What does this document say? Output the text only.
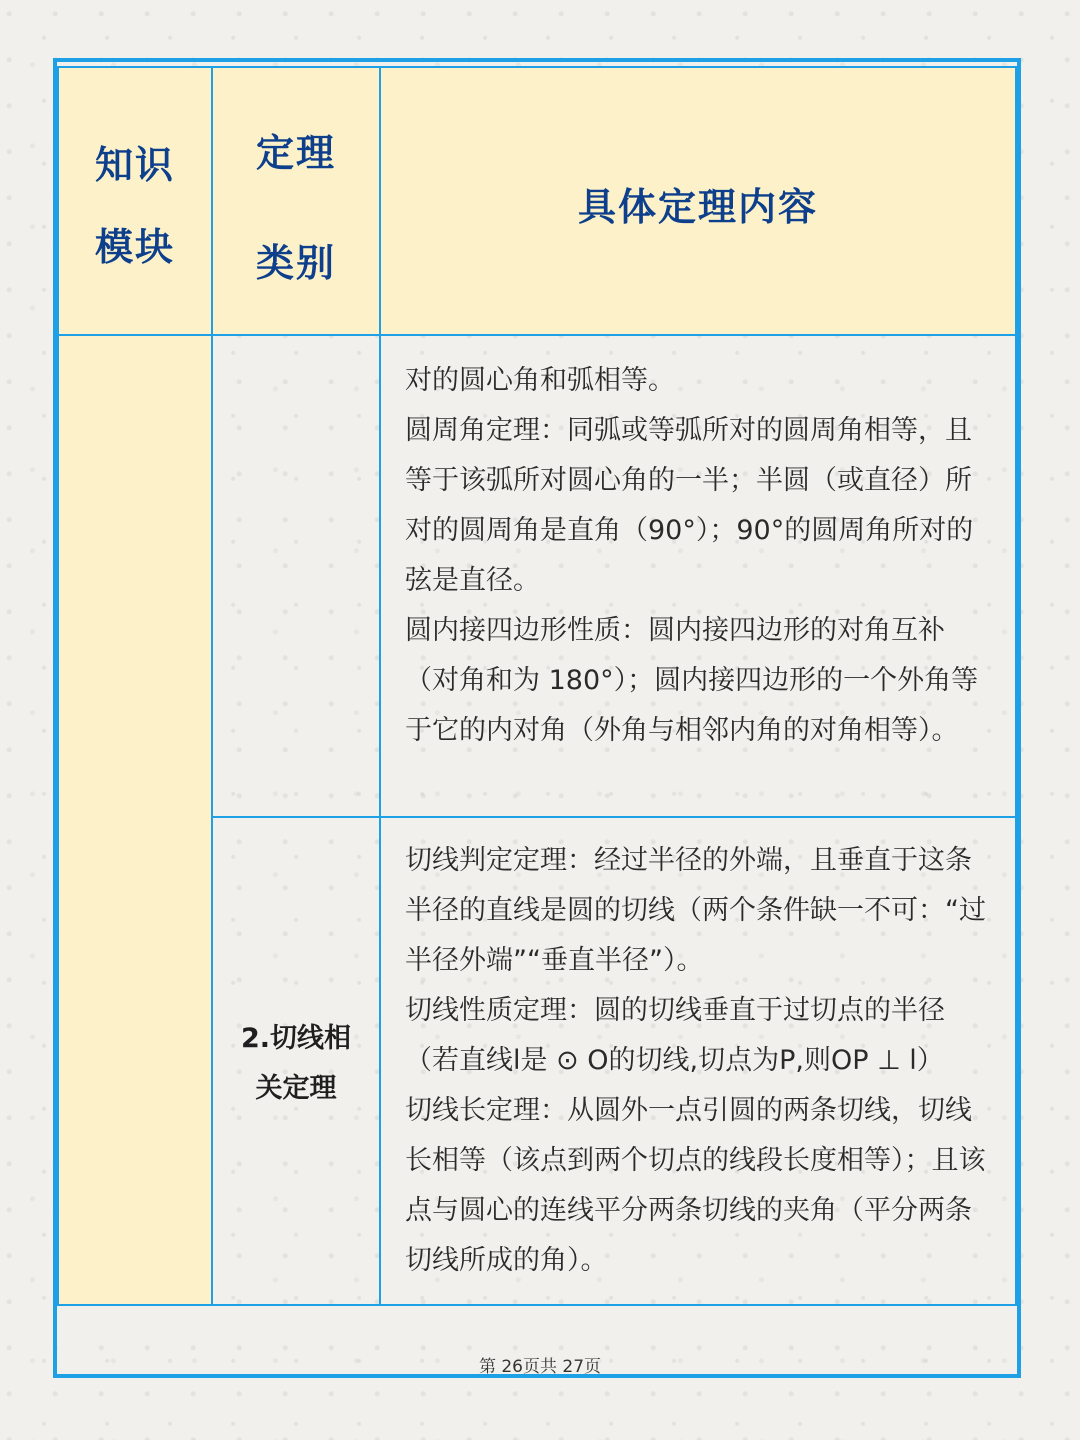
知识
模块
定理
类别
具体定理内容

对的圆心角和弧相等。

圆周角定理：同弧或等弧所对的圆周角相等，且等于该弧所对圆心角的一半；半圆（或直径）所对的圆周角是直角（90°）；90°的圆周角所对的弦是直径。

圆内接四边形性质：圆内接四边形的对角互补（对角和为 180°）；圆内接四边形的一个外角等于它的内对角（外角与相邻内角的对角相等）。

2.切线相
关定理

切线判定定理：经过半径的外端，且垂直于这条半径的直线是圆的切线（两个条件缺一不可：“过半径外端”“垂直半径”）。

切线性质定理：圆的切线垂直于过切点的半径（若直线l是 ⊙ O的切线,切点为P,则OP ⊥ l）

切线长定理：从圆外一点引圆的两条切线，切线长相等（该点到两个切点的线段长度相等）；且该点与圆心的连线平分两条切线的夹角（平分两条切线所成的角）。

第 26页共 27页
